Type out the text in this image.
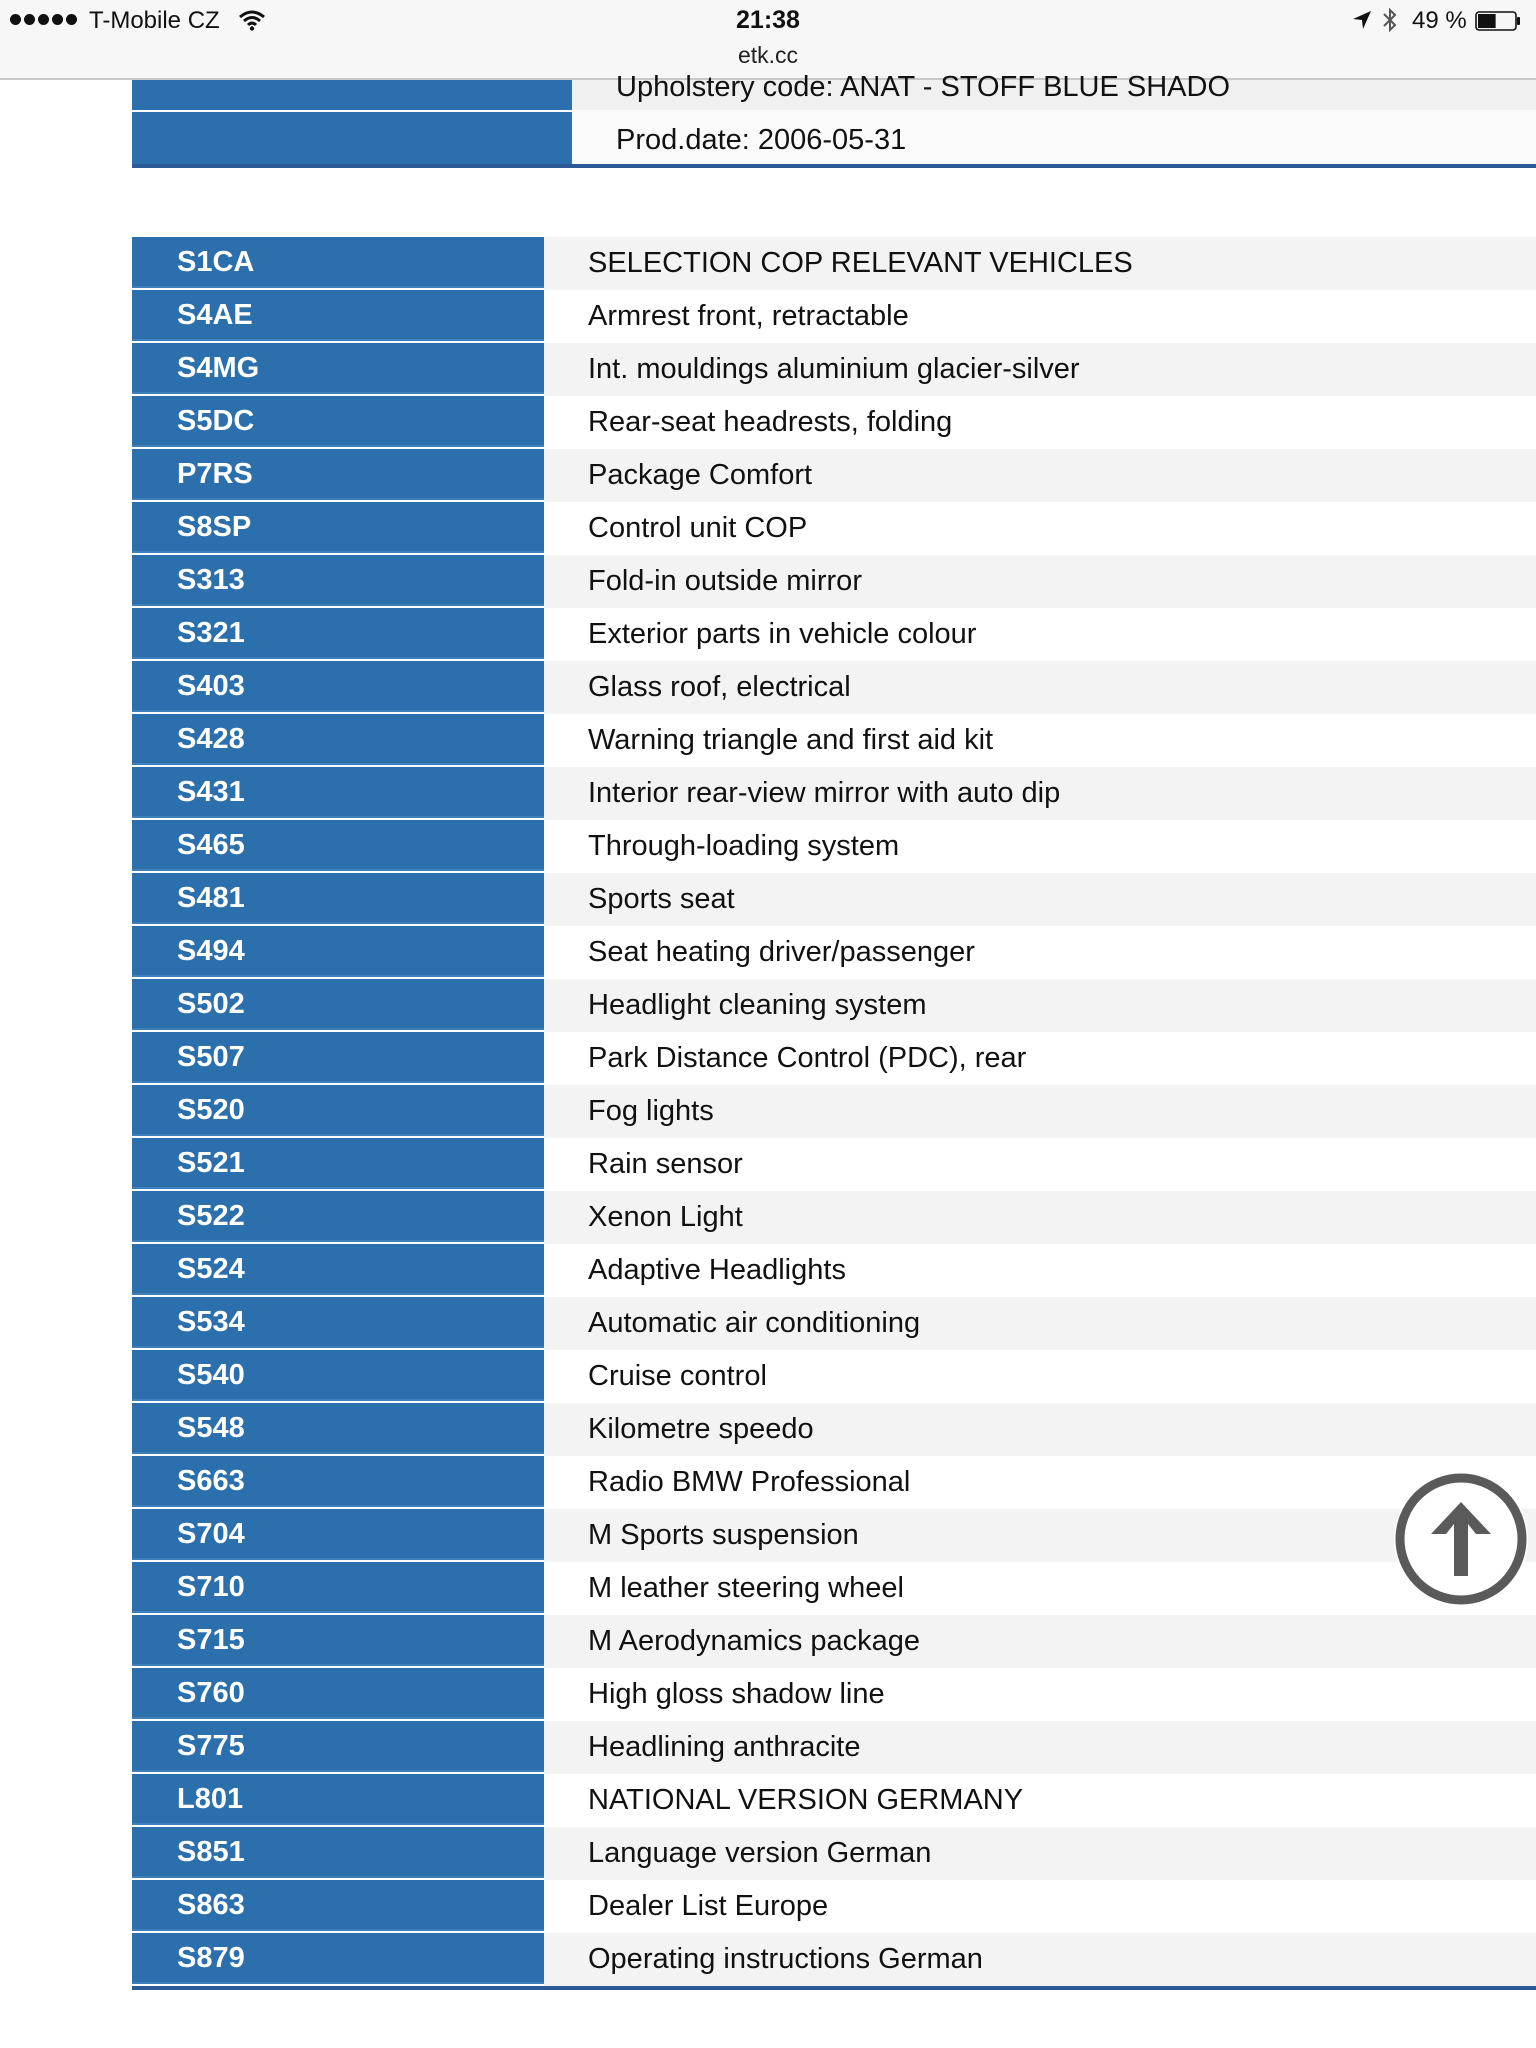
T-Mobile CZ	21:38
etk.cc
49 %
Upholstery code: ANAT - STOFF BLUE SHADO
Prod.date: 2006-05-31
S1CA	SELECTION COP RELEVANT VEHICLES
S4AE	Armrest front, retractable
S4MG	Int. mouldings aluminium glacier-silver
S5DC	Rear-seat headrests, folding
P7RS	Package Comfort
S8SP	Control unit COP
S313	Fold-in outside mirror
S321	Exterior parts in vehicle colour
S403	Glass roof, electrical
S428	Warning triangle and first aid kit
S431	Interior rear-view mirror with auto dip
S465	Through-loading system
S481	Sports seat
S494	Seat heating driver/passenger
S502	Headlight cleaning system
S507	Park Distance Control (PDC), rear
S520	Fog lights
S521	Rain sensor
S522	Xenon Light
S524	Adaptive Headlights
S534	Automatic air conditioning
S540	Cruise control
S548	Kilometre speedo
S663	Radio BMW Professional
S704	M Sports suspension
S710	M leather steering wheel
S715	M Aerodynamics package
S760	High gloss shadow line
S775	Headlining anthracite
L801	NATIONAL VERSION GERMANY
S851	Language version German
S863	Dealer List Europe
S879	Operating instructions German
